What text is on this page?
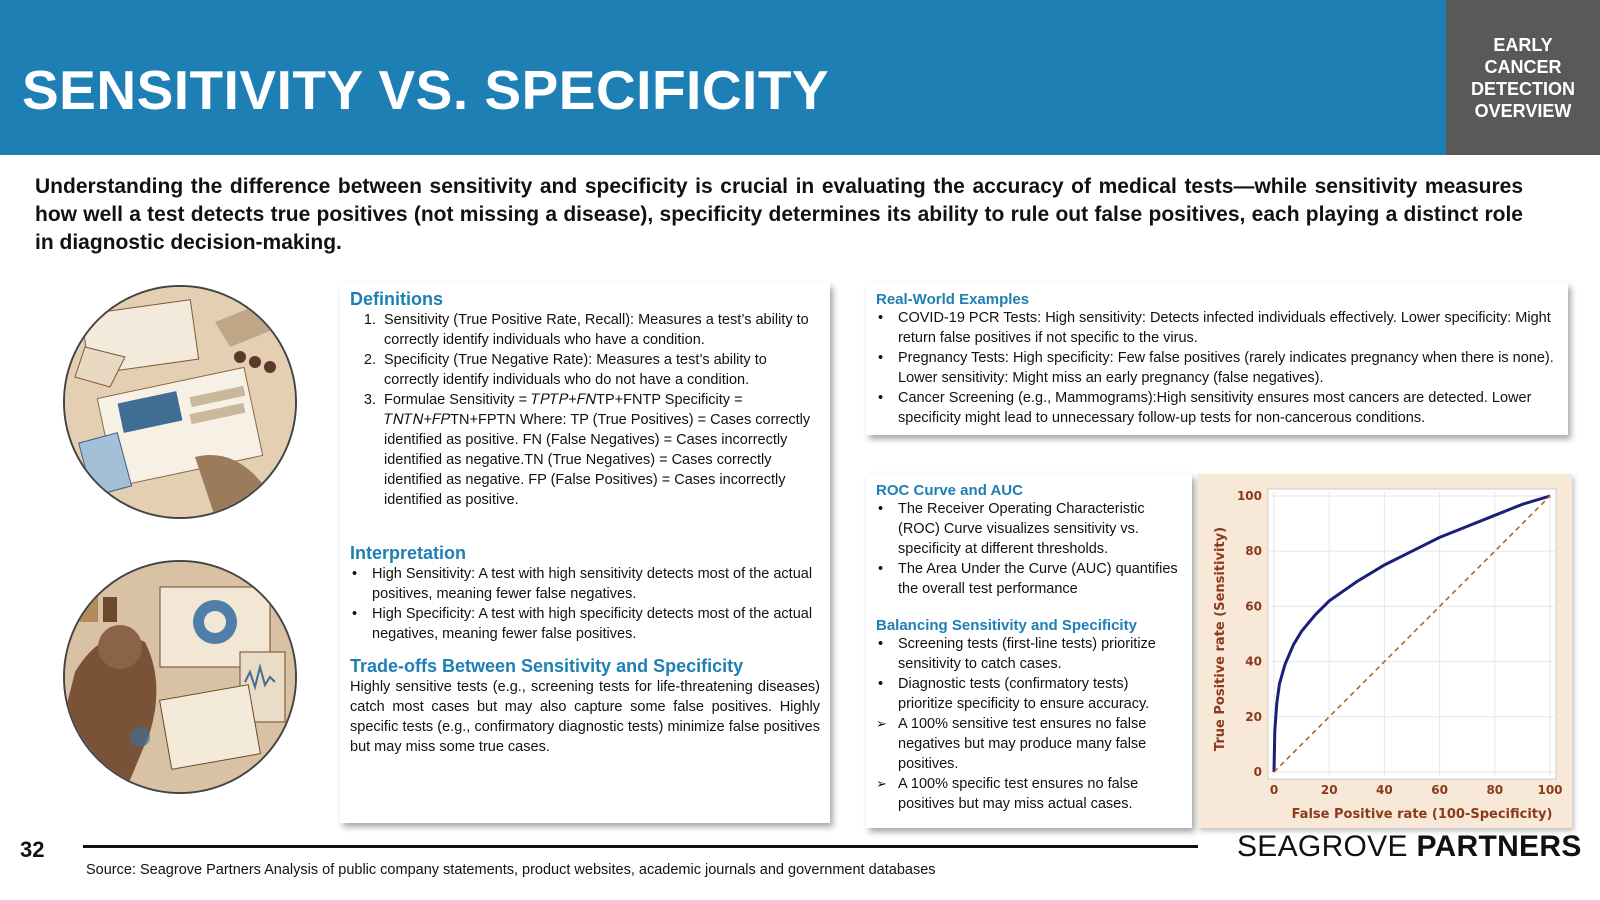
SENSITIVITY VS. SPECIFICITY
EARLY
CANCER
DETECTION
OVERVIEW
Understanding the difference between sensitivity and specificity is crucial in evaluating the accuracy of medical tests—while sensitivity measures how well a test detects true positives (not missing a disease), specificity determines its ability to rule out false positives, each playing a distinct role in diagnostic decision-making.
Definitions
1. Sensitivity (True Positive Rate, Recall): Measures a test’s ability to correctly identify individuals who have a condition.
2. Specificity (True Negative Rate): Measures a test’s ability to correctly identify individuals who do not have a condition.
3. Formulae Sensitivity = 𝑇𝑃𝑇𝑃+𝐹𝑁TP+FNTP Specificity = 𝑇𝑁𝑇𝑁+𝐹𝑃TN+FPTN Where: TP (True Positives) = Cases correctly identified as positive. FN (False Negatives) = Cases incorrectly identified as negative.TN (True Negatives) = Cases correctly identified as negative. FP (False Positives) = Cases incorrectly identified as positive.
Interpretation
• High Sensitivity: A test with high sensitivity detects most of the actual positives, meaning fewer false negatives.
• High Specificity: A test with high specificity detects most of the actual negatives, meaning fewer false positives.
Trade-offs Between Sensitivity and Specificity
Highly sensitive tests (e.g., screening tests for life-threatening diseases) catch most cases but may also capture some false positives. Highly specific tests (e.g., confirmatory diagnostic tests) minimize false positives but may miss some true cases.
Real-World Examples
• COVID-19 PCR Tests: High sensitivity: Detects infected individuals effectively. Lower specificity: Might return false positives if not specific to the virus.
• Pregnancy Tests: High specificity: Few false positives (rarely indicates pregnancy when there is none). Lower sensitivity: Might miss an early pregnancy (false negatives).
• Cancer Screening (e.g., Mammograms):High sensitivity ensures most cancers are detected. Lower specificity might lead to unnecessary follow-up tests for non-cancerous conditions.
ROC Curve and AUC
• The Receiver Operating Characteristic (ROC) Curve visualizes sensitivity vs. specificity at different thresholds.
• The Area Under the Curve (AUC) quantifies the overall test performance
Balancing Sensitivity and Specificity
• Screening tests (first-line tests) prioritize sensitivity to catch cases.
• Diagnostic tests (confirmatory tests) prioritize specificity to ensure accuracy.
➢ A 100% sensitive test ensures no false negatives but may produce many false positives.
➢ A 100% specific test ensures no false positives but may miss actual cases.
0	20	40	60	80	100
0
20
40
60
80
100
False Positive rate (100-Specificity)
True Positive rate (Sensitivity)
32	SEAGROVE PARTNERS
Source: Seagrove Partners Analysis of public company statements, product websites, academic journals and government databases
